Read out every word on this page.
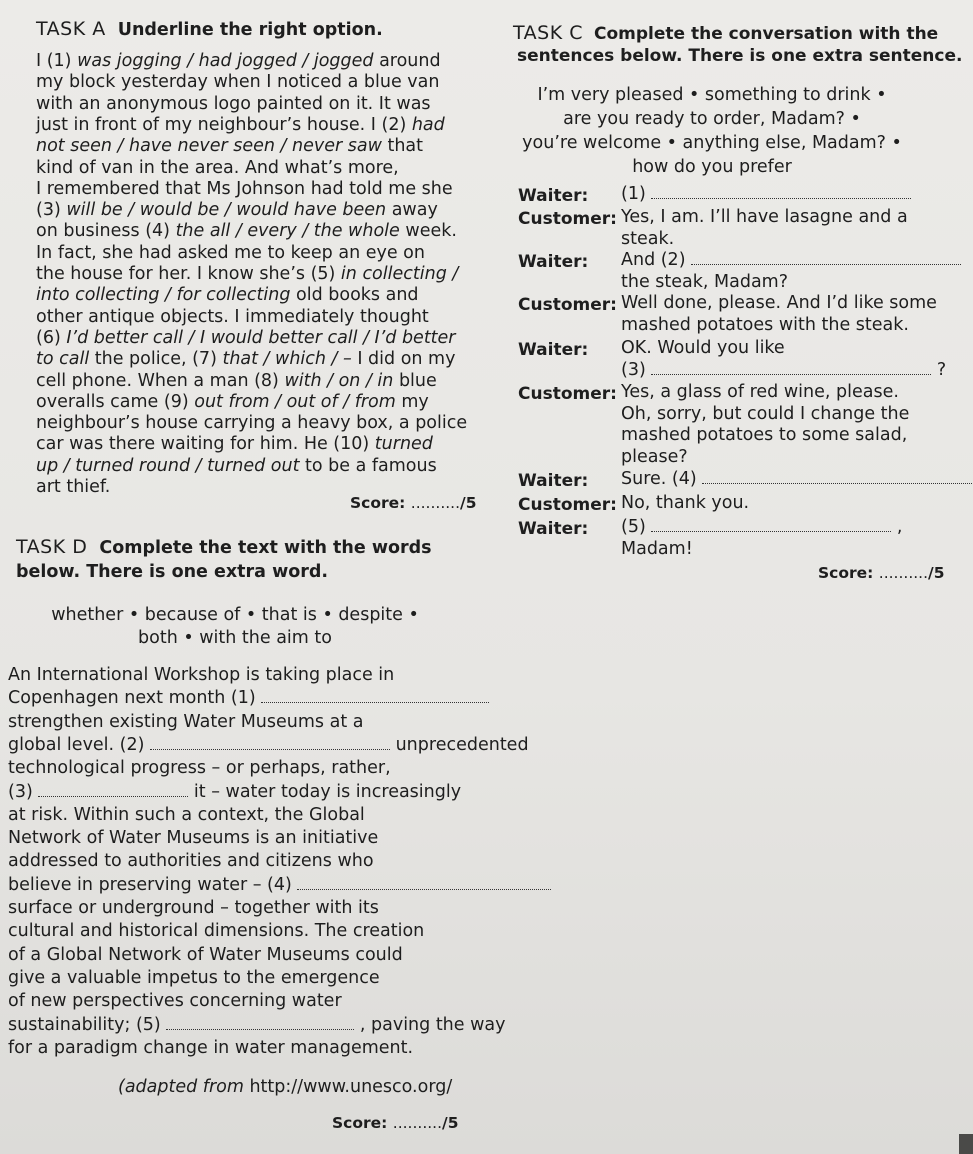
TASK A Underline the right option.
I (1) was jogging / had jogged / jogged around
my block yesterday when I noticed a blue van
with an anonymous logo painted on it. It was
just in front of my neighbour’s house. I (2) had
not seen / have never seen / never saw that
kind of van in the area. And what’s more,
I remembered that Ms Johnson had told me she
(3) will be / would be / would have been away
on business (4) the all / every / the whole week.
In fact, she had asked me to keep an eye on
the house for her. I know she’s (5) in collecting /
into collecting / for collecting old books and
other antique objects. I immediately thought
(6) I’d better call / I would better call / I’d better
to call the police, (7) that / which / – I did on my
cell phone. When a man (8) with / on / in blue
overalls came (9) out from / out of / from my
neighbour’s house carrying a heavy box, a police
car was there waiting for him. He (10) turned
up / turned round / turned out to be a famous
art thief.
Score: ........../5
TASK D Complete the text with the words
below. There is one extra word.
whether • because of • that is • despite •
both • with the aim to
An International Workshop is taking place in
Copenhagen next month (1)
strengthen existing Water Museums at a
global level. (2)	unprecedented
technological progress – or perhaps, rather,
(3)	it – water today is increasingly
at risk. Within such a context, the Global
Network of Water Museums is an initiative
addressed to authorities and citizens who
believe in preserving water – (4)
surface or underground – together with its
cultural and historical dimensions. The creation
of a Global Network of Water Museums could
give a valuable impetus to the emergence
of new perspectives concerning water
sustainability; (5)	, paving the way
for a paradigm change in water management.
(adapted from http://www.unesco.org/
Score: ........../5
TASK C Complete the conversation with the
sentences below. There is one extra sentence.
I’m very pleased • something to drink •
are you ready to order, Madam? •
you’re welcome • anything else, Madam? •
how do you prefer
Waiter: (1)
Customer: Yes, I am. I’ll have lasagne and a
steak.
Waiter: And (2)
the steak, Madam?
Customer: Well done, please. And I’d like some
mashed potatoes with the steak.
Waiter: OK. Would you like
(3)	?
Customer: Yes, a glass of red wine, please.
Oh, sorry, but could I change the
mashed potatoes to some salad,
please?
Waiter: Sure. (4)
Customer: No, thank you.
Waiter: (5)	,
Madam!
Score: ........../5
